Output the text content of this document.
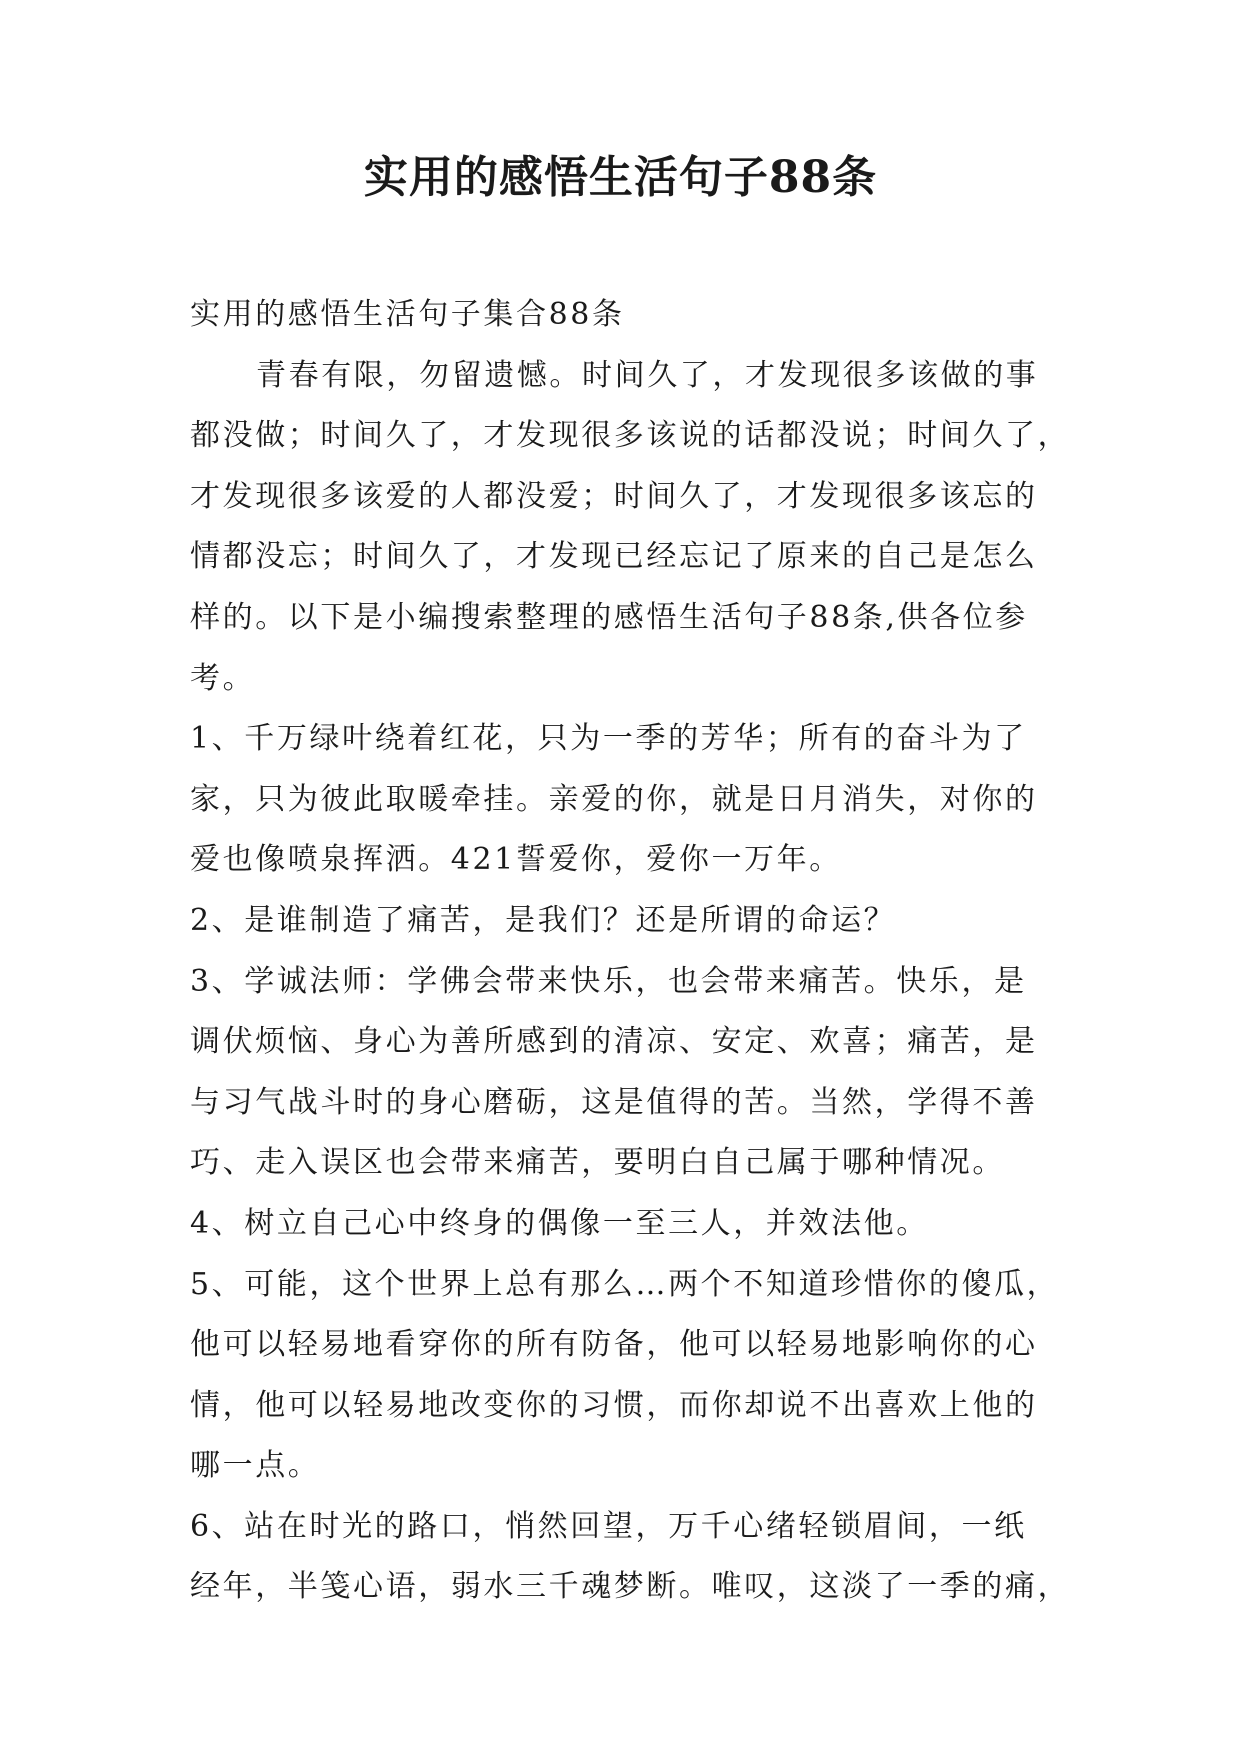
实用的感悟生活句子88条
实用的感悟生活句子集合88条
青春有限，勿留遗憾。时间久了，才发现很多该做的事
都没做；时间久了，才发现很多该说的话都没说；时间久了，
才发现很多该爱的人都没爱；时间久了，才发现很多该忘的
情都没忘；时间久了，才发现已经忘记了原来的自己是怎么
样的。以下是小编搜索整理的感悟生活句子88条,供各位参
考。
1、千万绿叶绕着红花，只为一季的芳华；所有的奋斗为了
家，只为彼此取暖牵挂。亲爱的你，就是日月消失，对你的
爱也像喷泉挥洒。421誓爱你，爱你一万年。
2、是谁制造了痛苦，是我们？还是所谓的命运？
3、学诚法师：学佛会带来快乐，也会带来痛苦。快乐，是
调伏烦恼、身心为善所感到的清凉、安定、欢喜；痛苦，是
与习气战斗时的身心磨砺，这是值得的苦。当然，学得不善
巧、走入误区也会带来痛苦，要明白自己属于哪种情况。
4、树立自己心中终身的偶像一至三人，并效法他。
5、可能，这个世界上总有那么…两个不知道珍惜你的傻瓜，
他可以轻易地看穿你的所有防备，他可以轻易地影响你的心
情，他可以轻易地改变你的习惯，而你却说不出喜欢上他的
哪一点。
6、站在时光的路口，悄然回望，万千心绪轻锁眉间，一纸
经年，半笺心语，弱水三千魂梦断。唯叹，这淡了一季的痛，
